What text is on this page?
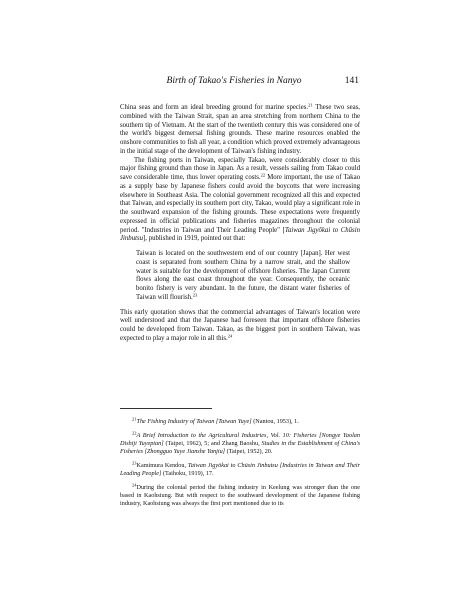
Birth of Takao's Fisheries in Nanyo	141

China seas and form an ideal breeding ground for marine species.$^{21}$ These two seas, combined with the Taiwan Strait, span an area stretching from northern China to the southern tip of Vietnam. At the start of the twentieth century this was considered one of the world's biggest demersal fishing grounds. These marine resources enabled the onshore communities to fish all year, a condition which proved extremely advantageous in the initial stage of the development of Taiwan's fishing industry.

The fishing ports in Taiwan, especially Takao, were considerably closer to this major fishing ground than those in Japan. As a result, vessels sailing from Takao could save considerable time, thus lower operating costs.$^{22}$ More important, the use of Takao as a supply base by Japanese fishers could avoid the boycotts that were increasing elsewhere in Southeast Asia. The colonial government recognized all this and expected that Taiwan, and especially its southern port city, Takao, would play a significant role in the southward expansion of the fishing grounds. These expectations were frequently expressed in official publications and fisheries magazines throughout the colonial period. "Industries in Taiwan and Their Leading People" [Taiwan Jigyōkai to Chūsin Jinbutsu], published in 1919, pointed out that:

Taiwan is located on the southwestern end of our country [Japan]. Her west coast is separated from southern China by a narrow strait, and the shallow water is suitable for the development of offshore fisheries. The Japan Current flows along the east coast throughout the year. Consequently, the oceanic bonito fishery is very abundant. In the future, the distant water fisheries of Taiwan will flourish.$^{23}$

This early quotation shows that the commercial advantages of Taiwan's location were well understood and that the Japanese had foreseen that important offshore fisheries could be developed from Taiwan. Takao, as the biggest port in southern Taiwan, was expected to play a major role in all this.$^{24}$

$^{21}$The Fishing Industry of Taiwan [Taiwan Yuye] (Nantou, 1953), 1.

$^{22}$A Brief Introduction to the Agricultural Industries, Vol. 10: Fisheries [Nongye Yaolan Dishiji Yuyepian] (Taipei, 1962), 5; and Zhang Baoshu, Studies in the Establishment of China's Fisheries [Zhongguo Yuye Jianshe Yanjiu] (Taipei, 1952), 20.

$^{23}$Kamimura Kendou, Taiwan Jigyōkai to Chūsin Jinbutsu [Industries in Taiwan and Their Leading People] (Taihoku, 1919), 17.

$^{24}$During the colonial period the fishing industry in Keelung was stronger than the one based in Kaohsiung. But with respect to the southward development of the Japanese fishing industry, Kaohsiung was always the first port mentioned due to its
